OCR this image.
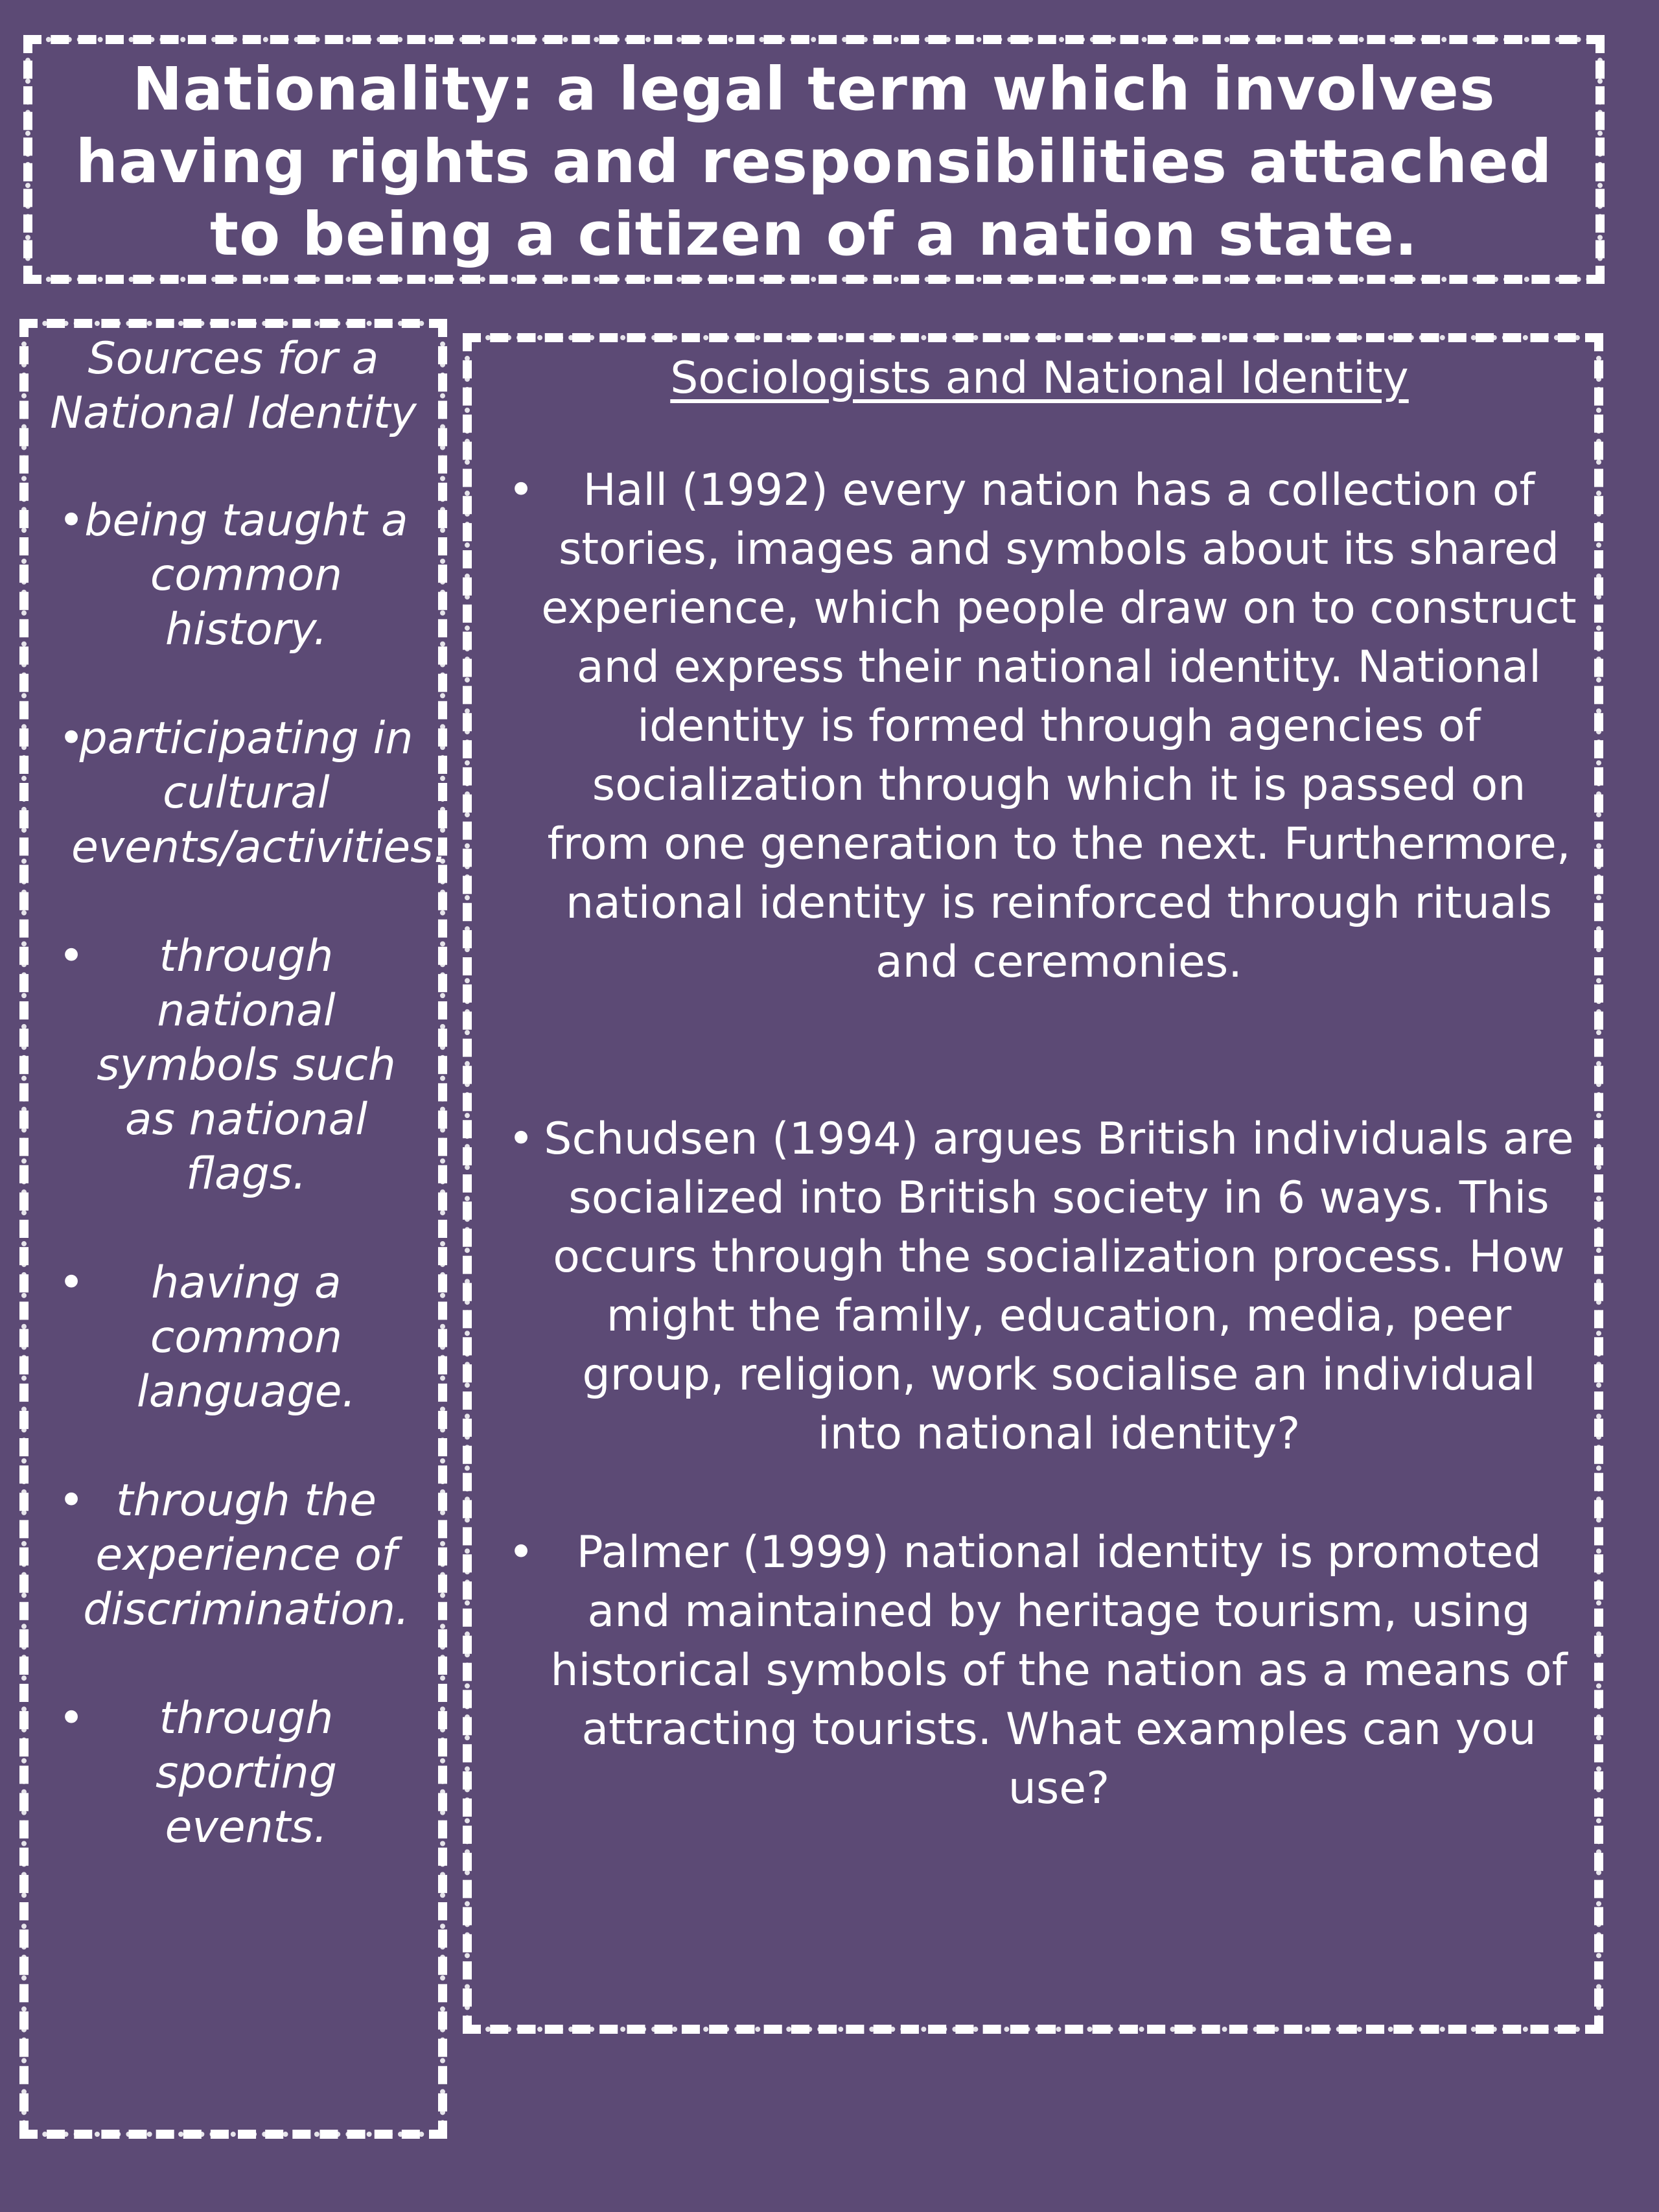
Nationality: a legal term which involves having rights and responsibilities attached to being a citizen of a nation state.
Sources for a National Identity
• being taught a common history.
•
participating in cultural events/activities.
• through national symbols such as national flags.
• having a common language.
• through the experience of discrimination.
• through sporting events.
Sociologists and National Identity
• Hall (1992) every nation has a collection of stories, images and symbols about its shared experience, which people draw on to construct and express their national identity. National identity is formed through agencies of socialization through which it is passed on from one generation to the next. Furthermore, national identity is reinforced through rituals and ceremonies.
• Schudsen (1994) argues British individuals are socialized into British society in 6 ways. This occurs through the socialization process. How might the family, education, media, peer group, religion, work socialise an individual into national identity?
• Palmer (1999) national identity is promoted and maintained by heritage tourism, using historical symbols of the nation as a means of attracting tourists. What examples can you use?
